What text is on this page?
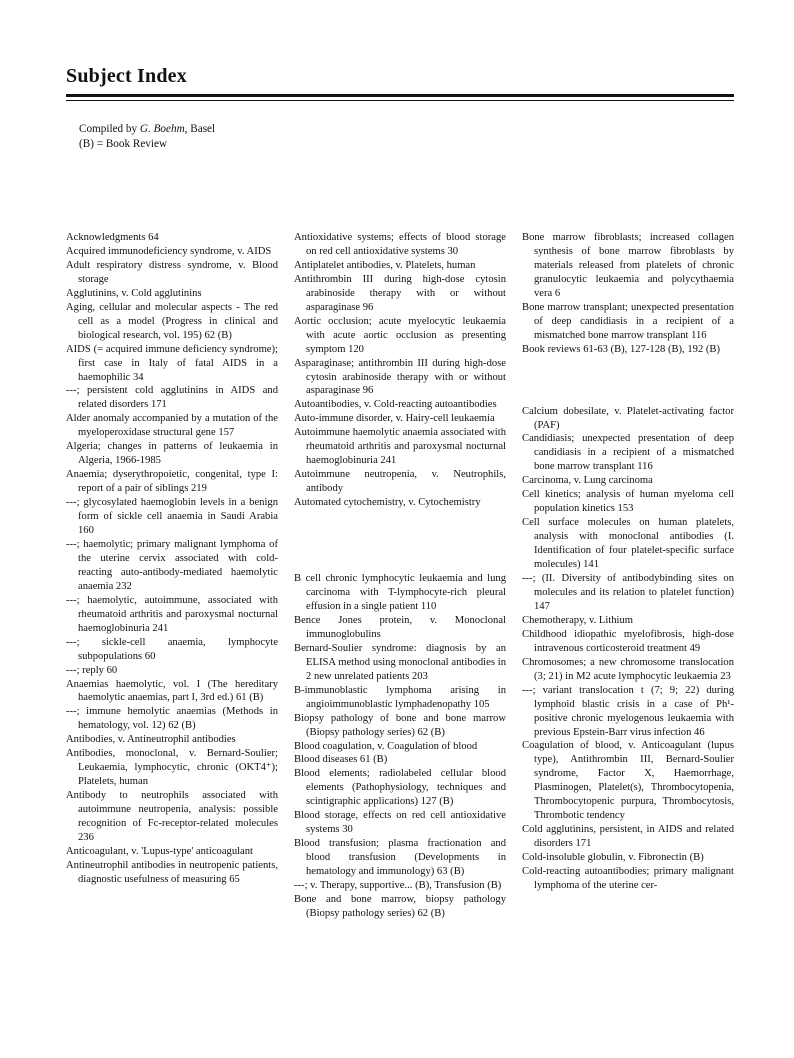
Subject Index
Compiled by G. Boehm, Basel
(B) = Book Review

Acknowledgments 64

Acquired immunodeficiency syndrome, v. AIDS

Adult respiratory distress syndrome, v. Blood storage

Agglutinins, v. Cold agglutinins

Aging, cellular and molecular aspects - The red cell as a model (Progress in clinical and biological research, vol. 195) 62 (B)

AIDS (= acquired immune deficiency syndrome); first case in Italy of fatal AIDS in a haemophilic 34

---; persistent cold agglutinins in AIDS and related disorders 171

Alder anomaly accompanied by a mutation of the myeloperoxidase structural gene 157

Algeria; changes in patterns of leukaemia in Algeria, 1966-1985

Anaemia; dyserythropoietic, congenital, type I: report of a pair of siblings 219

---; glycosylated haemoglobin levels in a benign form of sickle cell anaemia in Saudi Arabia 160

---; haemolytic; primary malignant lymphoma of the uterine cervix associated with cold-reacting auto-antibody-mediated haemolytic anaemia 232

---; haemolytic, autoimmune, associated with rheumatoid arthritis and paroxysmal nocturnal haemoglobinuria 241

---; sickle-cell anaemia, lymphocyte subpopulations 60

---; reply 60

Anaemias haemolytic, vol. I (The hereditary haemolytic anaemias, part I, 3rd ed.) 61 (B)

---; immune hemolytic anaemias (Methods in hematology, vol. 12) 62 (B)

Antibodies, v. Antineutrophil antibodies

Antibodies, monoclonal, v. Bernard-Soulier; Leukaemia, lymphocytic, chronic (OKT4⁺); Platelets, human

Antibody to neutrophils associated with autoimmune neutropenia, analysis: possible recognition of Fc-receptor-related molecules 236

Anticoagulant, v. 'Lupus-type' anticoagulant

Antineutrophil antibodies in neutropenic patients, diagnostic usefulness of measuring 65

Antioxidative systems; effects of blood storage on red cell antioxidative systems 30

Antiplatelet antibodies, v. Platelets, human

Antithrombin III during high-dose cytosin arabinoside therapy with or without asparaginase 96

Aortic occlusion; acute myelocytic leukaemia with acute aortic occlusion as presenting symptom 120

Asparaginase; antithrombin III during high-dose cytosin arabinoside therapy with or without asparaginase 96

Autoantibodies, v. Cold-reacting autoantibodies

Auto-immune disorder, v. Hairy-cell leukaemia

Autoimmune haemolytic anaemia associated with rheumatoid arthritis and paroxysmal nocturnal haemoglobinuria 241

Autoimmune neutropenia, v. Neutrophils, antibody

Automated cytochemistry, v. Cytochemistry

B cell chronic lymphocytic leukaemia and lung carcinoma with T-lymphocyte-rich pleural effusion in a single patient 110

Bence Jones protein, v. Monoclonal immunoglobulins

Bernard-Soulier syndrome: diagnosis by an ELISA method using monoclonal antibodies in 2 new unrelated patients 203

B-immunoblastic lymphoma arising in angioimmunoblastic lymphadenopathy 105

Biopsy pathology of bone and bone marrow (Biopsy pathology series) 62 (B)

Blood coagulation, v. Coagulation of blood

Blood diseases 61 (B)

Blood elements; radiolabeled cellular blood elements (Pathophysiology, techniques and scintigraphic applications) 127 (B)

Blood storage, effects on red cell antioxidative systems 30

Blood transfusion; plasma fractionation and blood transfusion (Developments in hematology and immunology) 63 (B)

---; v. Therapy, supportive... (B), Transfusion (B)

Bone and bone marrow, biopsy pathology (Biopsy pathology series) 62 (B)

Bone marrow fibroblasts; increased collagen synthesis of bone marrow fibroblasts by materials released from platelets of chronic granulocytic leukaemia and polycythaemia vera 6

Bone marrow transplant; unexpected presentation of deep candidiasis in a recipient of a mismatched bone marrow transplant 116

Book reviews 61-63 (B), 127-128 (B), 192 (B)

Calcium dobesilate, v. Platelet-activating factor (PAF)

Candidiasis; unexpected presentation of deep candidiasis in a recipient of a mismatched bone marrow transplant 116

Carcinoma, v. Lung carcinoma

Cell kinetics; analysis of human myeloma cell population kinetics 153

Cell surface molecules on human platelets, analysis with monoclonal antibodies (I. Identification of four platelet-specific surface molecules) 141

---; (II. Diversity of antibodybinding sites on molecules and its relation to platelet function) 147

Chemotherapy, v. Lithium

Childhood idiopathic myelofibrosis, high-dose intravenous corticosteroid treatment 49

Chromosomes; a new chromosome translocation (3; 21) in M2 acute lymphocytic leukaemia 23

---; variant translocation t (7; 9; 22) during lymphoid blastic crisis in a case of Ph¹-positive chronic myelogenous leukaemia with previous Epstein-Barr virus infection 46

Coagulation of blood, v. Anticoagulant (lupus type), Antithrombin III, Bernard-Soulier syndrome, Factor X, Haemorrhage, Plasminogen, Platelet(s), Thrombocytopenia, Thrombocytopenic purpura, Thrombocytosis, Thrombotic tendency

Cold agglutinins, persistent, in AIDS and related disorders 171

Cold-insoluble globulin, v. Fibronectin (B)

Cold-reacting autoantibodies; primary malignant lymphoma of the uterine cer-
